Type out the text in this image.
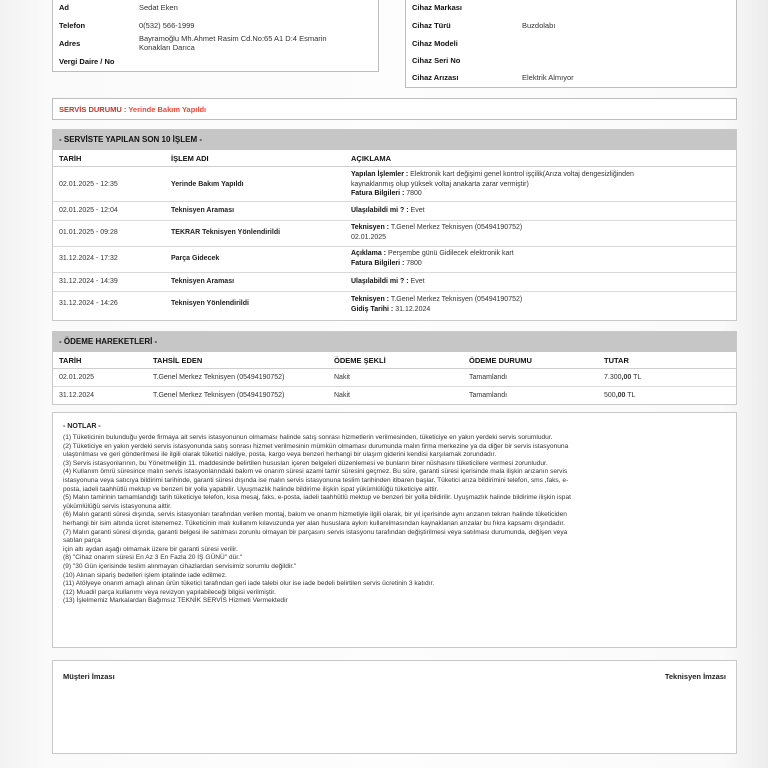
Ad	Sedat Eken
Telefon	0(532) 566-1999
Adres
Bayramoğlu Mh.Ahmet Rasim Cd.No:65 A1 D:4 Esmarin
Konakları Darıca
Vergi Daire / No
Cihaz Markası
Cihaz Türü	Buzdolabı
Cihaz Modeli
Cihaz Seri No
Cihaz Arızası	Elektrik Almıyor
SERVİS DURUMU : Yerinde Bakım Yapıldı
- SERVİSTE YAPILAN SON 10 İŞLEM -
TARİH	İŞLEM ADI	AÇIKLAMA
02.01.2025 - 12:35	Yerinde Bakım Yapıldı
Yapılan İşlemler : Elektronik kart değişimi genel kontrol işçilik(Arıza voltaj dengesizliğinden
kaynaklanmış olup yüksek voltaj anakarta zarar vermiştir)
Fatura Bilgileri : 7800
02.01.2025 - 12:04	Teknisyen Araması	Ulaşılabildi mi ? : Evet
01.01.2025 - 09:28	TEKRAR Teknisyen Yönlendirildi
Teknisyen : T.Genel Merkez Teknisyen (05494190752)
02.01.2025
31.12.2024 - 17:32	Parça Gidecek
Açıklama : Perşembe günü Gidilecek elektronik kart
Fatura Bilgileri : 7800
31.12.2024 - 14:39	Teknisyen Araması	Ulaşılabildi mi ? : Evet
31.12.2024 - 14:26	Teknisyen Yönlendirildi
Teknisyen : T.Genel Merkez Teknisyen (05494190752)
Gidiş Tarihi : 31.12.2024
- ÖDEME HAREKETLERİ -
TARİH	TAHSİL EDEN	ÖDEME ŞEKLİ	ÖDEME DURUMU	TUTAR
02.01.2025	T.Genel Merkez Teknisyen (05494190752)	Nakit	Tamamlandı	7.300,00 TL
31.12.2024	T.Genel Merkez Teknisyen (05494190752)	Nakit	Tamamlandı	500,00 TL
- NOTLAR -
(1) Tüketicinin bulunduğu yerde firmaya ait servis istasyonunun olmaması halinde satış sonrası hizmetlerin verilmesinden, tüketiciye en yakın yerdeki servis sorumludur.
(2) Tüketiciye en yakın yerdeki servis istasyonunda satış sonrası hizmet verilmesinin mümkün olmaması durumunda malın firma merkezine ya da diğer bir servis istasyonuna
ulaştırılması ve geri gönderilmesi ile ilgili olarak tüketici nakliye, posta, kargo veya benzeri herhangi bir ulaşım giderini kendisi karşılamak zorundadır.
(3) Servis istasyonlarının, bu Yönetmeliğin 11. maddesinde belirtilen hususları içeren belgeleri düzenlemesi ve bunların birer nüshasını tüketicilere vermesi zorunludur.
(4) Kullanım ömrü süresince malın servis istasyonlarındaki bakım ve onarım süresi azami tamir süresini geçmez. Bu süre, garanti süresi içerisinde mala ilişkin arızanın servis
istasyonuna veya satıcıya bildirimi tarihinde, garanti süresi dışında ise malın servis istasyonuna teslim tarihinden itibaren başlar. Tüketici arıza bildirimini telefon, sms ,faks, e-
posta, iadeli taahhütlü mektup ve benzeri bir yolla yapabilir. Uyuşmazlık halinde bildirime ilişkin ispat yükümlülüğü tüketiciye aittir.
(5) Malın tamirinin tamamlandığı tarih tüketiciye telefon, kısa mesaj, faks, e-posta, iadeli taahhütlü mektup ve benzeri bir yolla bildirilir. Uyuşmazlık halinde bildirime ilişkin ispat
yükümlülüğü servis istasyonuna aittir.
(6) Malın garanti süresi dışında, servis istasyonları tarafından verilen montaj, bakım ve onarım hizmetiyle ilgili olarak, bir yıl içerisinde aynı arızanın tekrarı halinde tüketiciden
herhangi bir isim altında ücret istenemez. Tüketicinin malı kullanım kılavuzunda yer alan hususlara aykırı kullanılmasından kaynaklanan arızalar bu fıkra kapsamı dışındadır.
(7) Malın garanti süresi dışında, garanti belgesi ile satılması zorunlu olmayan bir parçasını servis istasyonu tarafından değiştirilmesi veya satılması durumunda, değişen veya
satılan parça
için altı aydan aşağı olmamak üzere bir garanti süresi verilir.
(8) "Cihaz onarım süresi En Az 3 En Fazla 20 İŞ GÜNÜ" dür."
(9) "30 Gün içerisinde teslim alınmayan cihazlardan servisimiz sorumlu değildir."
(10) Alınan sipariş bedelleri işlem iptalinde iade edilmez.
(11) Atölyeye onarım amaçlı alınan ürün tüketici tarafından geri iade talebi olur ise iade bedeli belirtilen servis ücretinin 3 katıdır.
(12) Muadil parça kullanımı veya revizyon yapılabileceği bilgisi verilmiştir.
(13) İşlelmemiz Markalardan Bağımsız TEKNİK SERVİS Hizmeti Vermektedir
Müşteri İmzası	Teknisyen İmzası
